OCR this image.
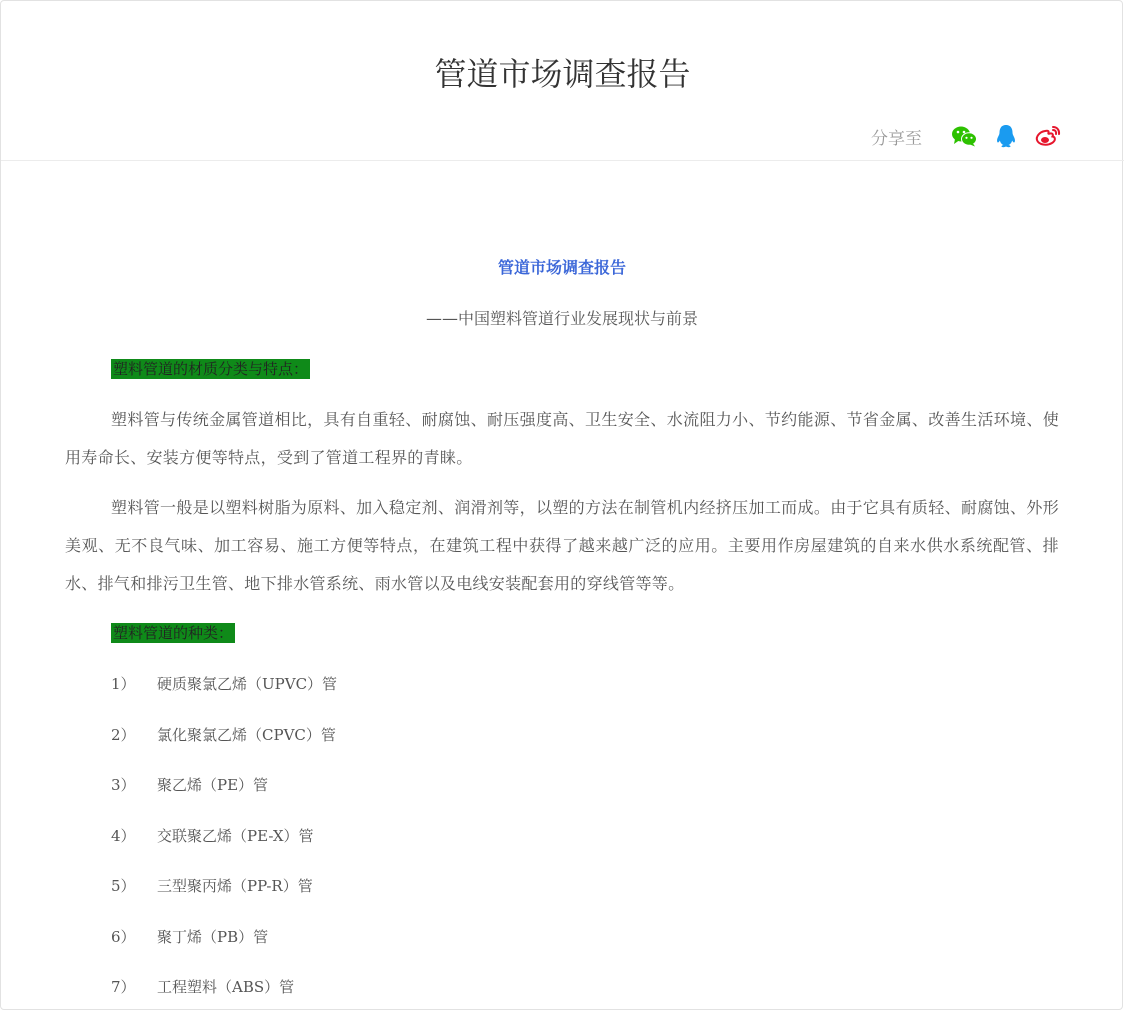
管道市场调查报告
分享至
管道市场调查报告
——中国塑料管道行业发展现状与前景
塑料管道的材质分类与特点：

塑料管与传统金属管道相比，具有自重轻、耐腐蚀、耐压强度高、卫生安全、水流阻力小、节约能源、节省金属、改善生活环境、使用寿命长、安装方便等特点，受到了管道工程界的青睐。

塑料管一般是以塑料树脂为原料、加入稳定剂、润滑剂等，以塑的方法在制管机内经挤压加工而成。由于它具有质轻、耐腐蚀、外形美观、无不良气味、加工容易、施工方便等特点，在建筑工程中获得了越来越广泛的应用。主要用作房屋建筑的自来水供水系统配管、排水、排气和排污卫生管、地下排水管系统、雨水管以及电线安装配套用的穿线管等等。

塑料管道的种类：
1）	硬质聚氯乙烯（UPVC）管
2）	氯化聚氯乙烯（CPVC）管
3）	聚乙烯（PE）管
4）	交联聚乙烯（PE-X）管
5）	三型聚丙烯（PP-R）管
6）	聚丁烯（PB）管
7）	工程塑料（ABS）管
